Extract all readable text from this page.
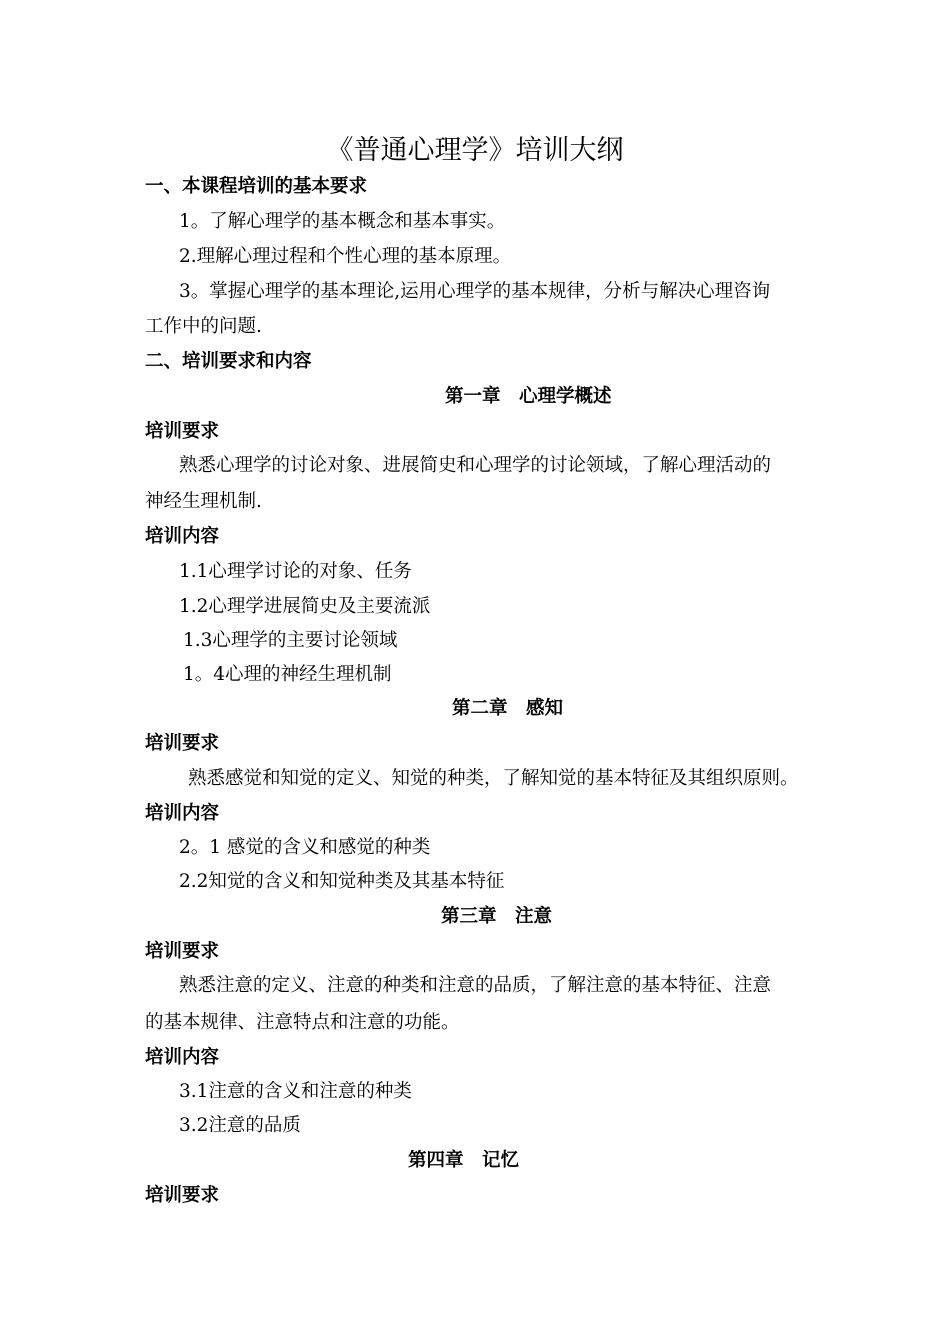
《普通心理学》培训大纲
一、本课程培训的基本要求
1。了解心理学的基本概念和基本事实。
2.理解心理过程和个性心理的基本原理。
3。掌握心理学的基本理论,运用心理学的基本规律，分析与解决心理咨询
工作中的问题.
二、培训要求和内容
第一章　心理学概述
培训要求
熟悉心理学的讨论对象、进展简史和心理学的讨论领域，了解心理活动的
神经生理机制.
培训内容
1.1心理学讨论的对象、任务
1.2心理学进展简史及主要流派
1.3心理学的主要讨论领域
1。4心理的神经生理机制
第二章　感知
培训要求
熟悉感觉和知觉的定义、知觉的种类，了解知觉的基本特征及其组织原则。
培训内容
2。1 感觉的含义和感觉的种类
2.2知觉的含义和知觉种类及其基本特征
第三章　注意
培训要求
熟悉注意的定义、注意的种类和注意的品质，了解注意的基本特征、注意
的基本规律、注意特点和注意的功能。
培训内容
3.1注意的含义和注意的种类
3.2注意的品质
第四章　记忆
培训要求
